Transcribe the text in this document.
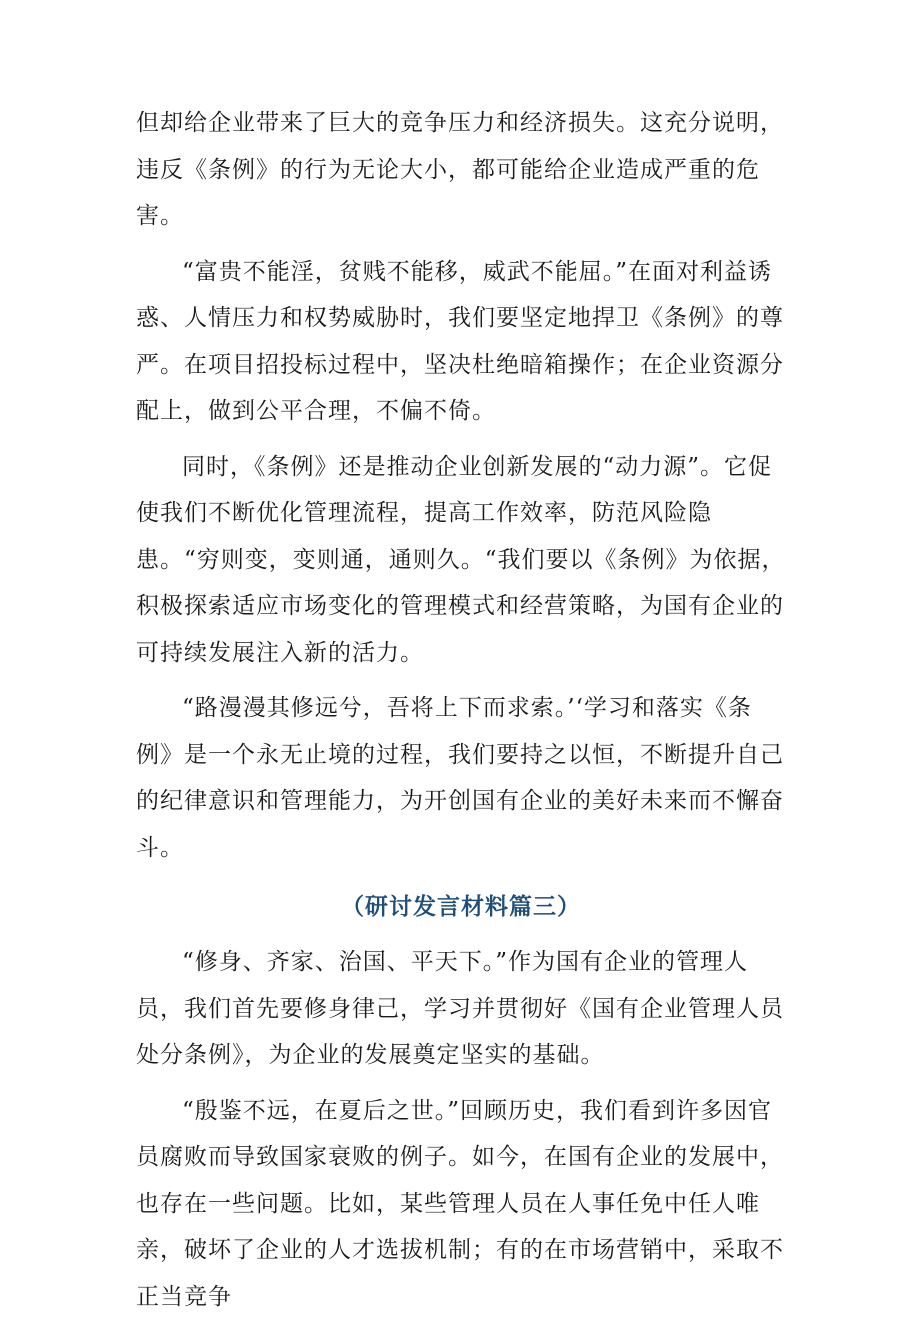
但却给企业带来了巨大的竞争压力和经济损失。这充分说明，违反《条例》的行为无论大小，都可能给企业造成严重的危害。

“富贵不能淫，贫贱不能移，威武不能屈。”在面对利益诱惑、人情压力和权势威胁时，我们要坚定地捍卫《条例》的尊严。在项目招投标过程中，坚决杜绝暗箱操作；在企业资源分配上，做到公平合理，不偏不倚。

同时，《条例》还是推动企业创新发展的“动力源”。它促使我们不断优化管理流程，提高工作效率，防范风险隐患。“穷则变，变则通，通则久。“我们要以《条例》为依据，积极探索适应市场变化的管理模式和经营策略，为国有企业的可持续发展注入新的活力。

“路漫漫其修远兮，吾将上下而求索。’‘学习和落实《条例》是一个永无止境的过程，我们要持之以恒，不断提升自己的纪律意识和管理能力，为开创国有企业的美好未来而不懈奋斗。

（研讨发言材料篇三）

“修身、齐家、治国、平天下。”作为国有企业的管理人员，我们首先要修身律己，学习并贯彻好《国有企业管理人员处分条例》，为企业的发展奠定坚实的基础。

“殷鉴不远，在夏后之世。”回顾历史，我们看到许多因官员腐败而导致国家衰败的例子。如今，在国有企业的发展中，也存在一些问题。比如，某些管理人员在人事任免中任人唯亲，破坏了企业的人才选拔机制；有的在市场营销中，采取不正当竞争
